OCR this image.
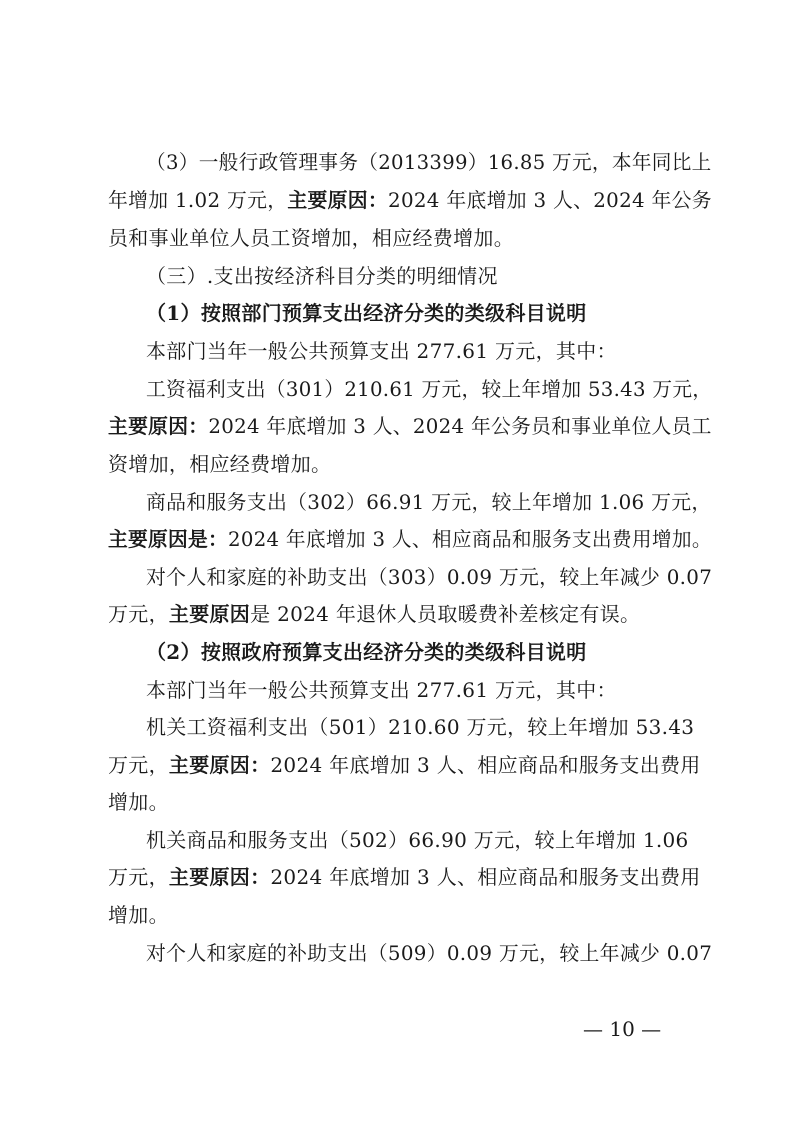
（3）一般行政管理事务（2013399）16.85 万元，本年同比上
年增加 1.02 万元，主要原因：2024 年底增加 3 人、2024 年公务
员和事业单位人员工资增加，相应经费增加。
（三）.支出按经济科目分类的明细情况
（1）按照部门预算支出经济分类的类级科目说明
本部门当年一般公共预算支出 277.61 万元，其中：
工资福利支出（301）210.61 万元，较上年增加 53.43 万元，
主要原因：2024 年底增加 3 人、2024 年公务员和事业单位人员工
资增加，相应经费增加。
商品和服务支出（302）66.91 万元，较上年增加 1.06 万元，
主要原因是：2024 年底增加 3 人、相应商品和服务支出费用增加。
对个人和家庭的补助支出（303）0.09 万元，较上年减少 0.07
万元，主要原因是 2024 年退休人员取暖费补差核定有误。
（2）按照政府预算支出经济分类的类级科目说明
本部门当年一般公共预算支出 277.61 万元，其中：
机关工资福利支出（501）210.60 万元，较上年增加 53.43
万元，主要原因：2024 年底增加 3 人、相应商品和服务支出费用
增加。
机关商品和服务支出（502）66.90 万元，较上年增加 1.06
万元，主要原因：2024 年底增加 3 人、相应商品和服务支出费用
增加。
对个人和家庭的补助支出（509）0.09 万元，较上年减少 0.07
— 10 —
